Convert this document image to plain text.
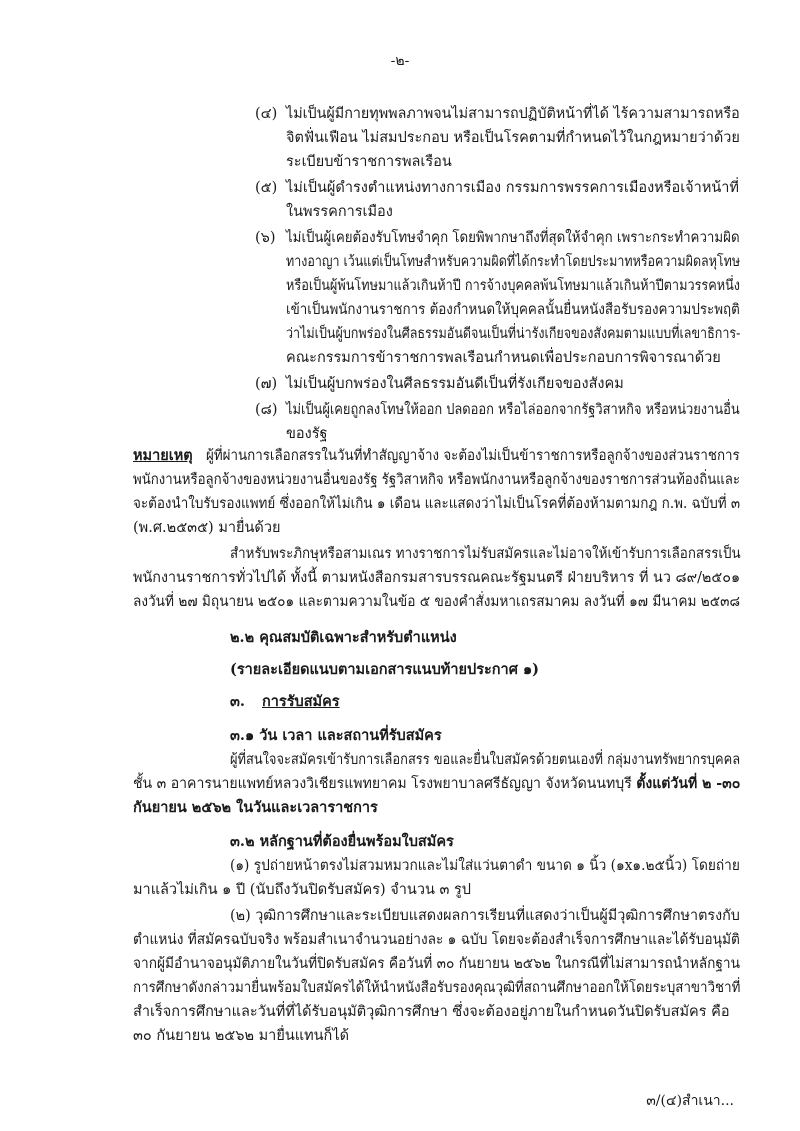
-๒-
(๔) ไม่เป็นผู้มีกายทุพพลภาพจนไม่สามารถปฏิบัติหน้าที่ได้ ไร้ความสามารถหรือ
จิตฟั่นเฟือน ไม่สมประกอบ หรือเป็นโรคตามที่กำหนดไว้ในกฎหมายว่าด้วย
ระเบียบข้าราชการพลเรือน
(๕) ไม่เป็นผู้ดำรงตำแหน่งทางการเมือง กรรมการพรรคการเมืองหรือเจ้าหน้าที่
ในพรรคการเมือง
(๖) ไม่เป็นผู้เคยต้องรับโทษจำคุก โดยพิพากษาถึงที่สุดให้จำคุก เพราะกระทำความผิด
ทางอาญา เว้นแต่เป็นโทษสำหรับความผิดที่ได้กระทำโดยประมาทหรือความผิดลหุโทษ
หรือเป็นผู้พ้นโทษมาแล้วเกินห้าปี การจ้างบุคคลพ้นโทษมาแล้วเกินห้าปีตามวรรคหนึ่ง
เข้าเป็นพนักงานราชการ ต้องกำหนดให้บุคคลนั้นยื่นหนังสือรับรองความประพฤติ
ว่าไม่เป็นผู้บกพร่องในศีลธรรมอันดีจนเป็นที่น่ารังเกียจของสังคมตามแบบที่เลขาธิการ-
คณะกรรมการข้าราชการพลเรือนกำหนดเพื่อประกอบการพิจารณาด้วย
(๗) ไม่เป็นผู้บกพร่องในศีลธรรมอันดีเป็นที่รังเกียจของสังคม
(๘) ไม่เป็นผู้เคยถูกลงโทษให้ออก ปลดออก หรือไล่ออกจากรัฐวิสาหกิจ หรือหน่วยงานอื่น
ของรัฐ
หมายเหตุ ผู้ที่ผ่านการเลือกสรรในวันที่ทำสัญญาจ้าง จะต้องไม่เป็นข้าราชการหรือลูกจ้างของส่วนราชการ
พนักงานหรือลูกจ้างของหน่วยงานอื่นของรัฐ รัฐวิสาหกิจ หรือพนักงานหรือลูกจ้างของราชการส่วนท้องถิ่นและ
จะต้องนำใบรับรองแพทย์ ซึ่งออกให้ไม่เกิน ๑ เดือน และแสดงว่าไม่เป็นโรคที่ต้องห้ามตามกฎ ก.พ. ฉบับที่ ๓
(พ.ศ.๒๕๓๕) มายื่นด้วย
สำหรับพระภิกษุหรือสามเณร ทางราชการไม่รับสมัครและไม่อาจให้เข้ารับการเลือกสรรเป็น
พนักงานราชการทั่วไปได้ ทั้งนี้ ตามหนังสือกรมสารบรรณคณะรัฐมนตรี ฝ่ายบริหาร ที่ นว ๘๙/๒๕๐๑
ลงวันที่ ๒๗ มิถุนายน ๒๕๐๑ และตามความในข้อ ๕ ของคำสั่งมหาเถรสมาคม ลงวันที่ ๑๗ มีนาคม ๒๕๓๘
๒.๒ คุณสมบัติเฉพาะสำหรับตำแหน่ง
(รายละเอียดแนบตามเอกสารแนบท้ายประกาศ ๑)
๓. การรับสมัคร
๓.๑ วัน เวลา และสถานที่รับสมัคร
ผู้ที่สนใจจะสมัครเข้ารับการเลือกสรร ขอและยื่นใบสมัครด้วยตนเองที่ กลุ่มงานทรัพยากรบุคคล
ชั้น ๓ อาคารนายแพทย์หลวงวิเชียรแพทยาคม โรงพยาบาลศรีธัญญา จังหวัดนนทบุรี ตั้งแต่วันที่ ๒ -๓๐
กันยายน ๒๕๖๒ ในวันและเวลาราชการ
๓.๒ หลักฐานที่ต้องยื่นพร้อมใบสมัคร
(๑) รูปถ่ายหน้าตรงไม่สวมหมวกและไม่ใส่แว่นตาดำ ขนาด ๑ นิ้ว (๑x๑.๒๕นิ้ว) โดยถ่าย
มาแล้วไม่เกิน ๑ ปี (นับถึงวันปิดรับสมัคร) จำนวน ๓ รูป
(๒) วุฒิการศึกษาและระเบียบแสดงผลการเรียนที่แสดงว่าเป็นผู้มีวุฒิการศึกษาตรงกับ
ตำแหน่ง ที่สมัครฉบับจริง พร้อมสำเนาจำนวนอย่างละ ๑ ฉบับ โดยจะต้องสำเร็จการศึกษาและได้รับอนุมัติ
จากผู้มีอำนาจอนุมัติภายในวันที่ปิดรับสมัคร คือวันที่ ๓๐ กันยายน ๒๕๖๒ ในกรณีที่ไม่สามารถนำหลักฐาน
การศึกษาดังกล่าวมายื่นพร้อมใบสมัครได้ให้นำหนังสือรับรองคุณวุฒิที่สถานศึกษาออกให้โดยระบุสาขาวิชาที่
สำเร็จการศึกษาและวันที่ที่ได้รับอนุมัติวุฒิการศึกษา ซึ่งจะต้องอยู่ภายในกำหนดวันปิดรับสมัคร คือ
๓๐ กันยายน ๒๕๖๒ มายื่นแทนก็ได้
๓/(๔)สำเนา...
